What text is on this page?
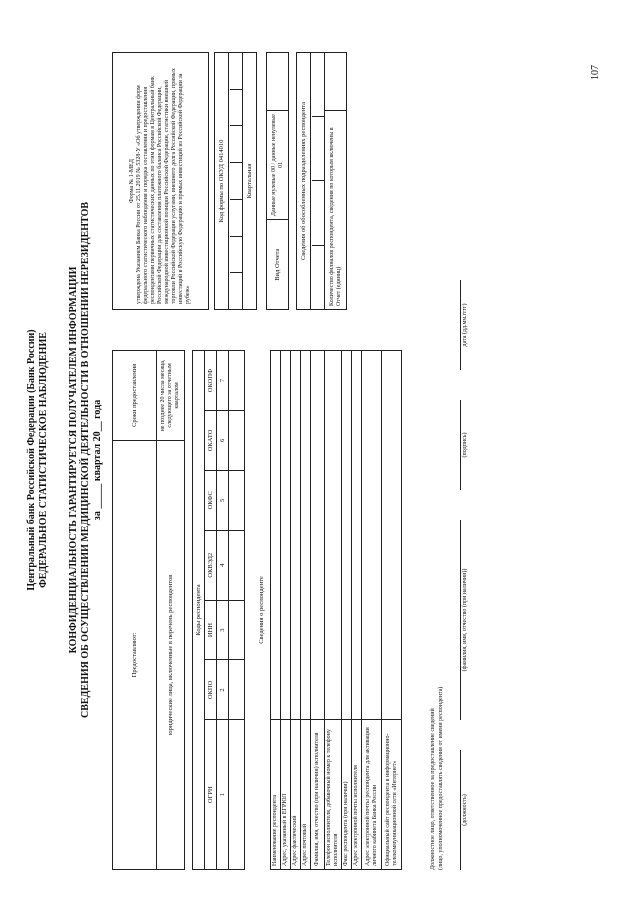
Центральный банк Российской Федерации (Банк России) ФЕДЕРАЛЬНОЕ СТАТИСТИЧЕСКОЕ НАБЛЮДЕНИЕ КОНФИДЕНЦИАЛЬНОСТЬ ГАРАНТИРУЕТСЯ ПОЛУЧАТЕЛЕМ ИНФОРМАЦИИ СВЕДЕНИЯ ОБ ОСУЩЕСТВЛЕНИИ МЕДИЦИНСКОЙ ДЕЯТЕЛЬНОСТИ В ОТНОШЕНИИ НЕРЕЗИДЕНТОВ за _____ квартал 20__ года
107
Предоставляют:	Сроки предоставления
юридические лица, включенные в перечень респондентов	не позднее 20 числа месяца, следующего за отчетным кварталом
Форма № 1-МЕД утверждена Указанием Банка России от 25.11.2019 № 5328-У «Об утверждении форм федерального статистического наблюдения и порядка составления и предоставления респондентами первичных статистических данных по этим формам в Центральный банк Российской Федерации для составления платежного баланса Российской Федерации, международной инвестиционной позиции Российской Федерации, статистики внешней торговли Российской Федерации услугами, внешнего долга Российской Федерации, прямых инвестиций в Российскую Федерацию и прямых инвестиций из Российской Федерации за рубеж»
Код формы по ОКУД 0414010

Квартальная
Вид Отчета	Данные нулевые 00 / данные ненулевые 01	Сведения об обособленных подразделениях респондента

Количество филиалов респондента, сведения по которым включены в Отчет (единиц)	
Коды респондента						
ОГРН	ОКПО	ИНН	ОКВЭД2	ОКФС	ОКАТО	ОКОПФ
1	2	3	4	5	6	7

Сведения о респонденте
Наименование респондента	
Адрес, указанный в ЕГРЮЛ	
Адрес фактический	
Адрес почтовый	
Фамилия, имя, отчество (при наличии) исполнителя	
Телефон исполнителя, добавочный номер к телефону исполнителя	
Факс респондента (при наличии)	
Адрес электронной почты исполнителя	
Адрес электронной почты респондента для активации личного кабинета Банка России	
Официальный сайт респондента в информационно-телекоммуникационной сети «Интернет»		Должностное лицо, ответственное за предоставление сведений (лицо, уполномоченное предоставлять сведения от имени респондента)	(должность)
(фамилия, имя, отчество (при наличии))
(подпись)
дата (дд.мм.гггг)
